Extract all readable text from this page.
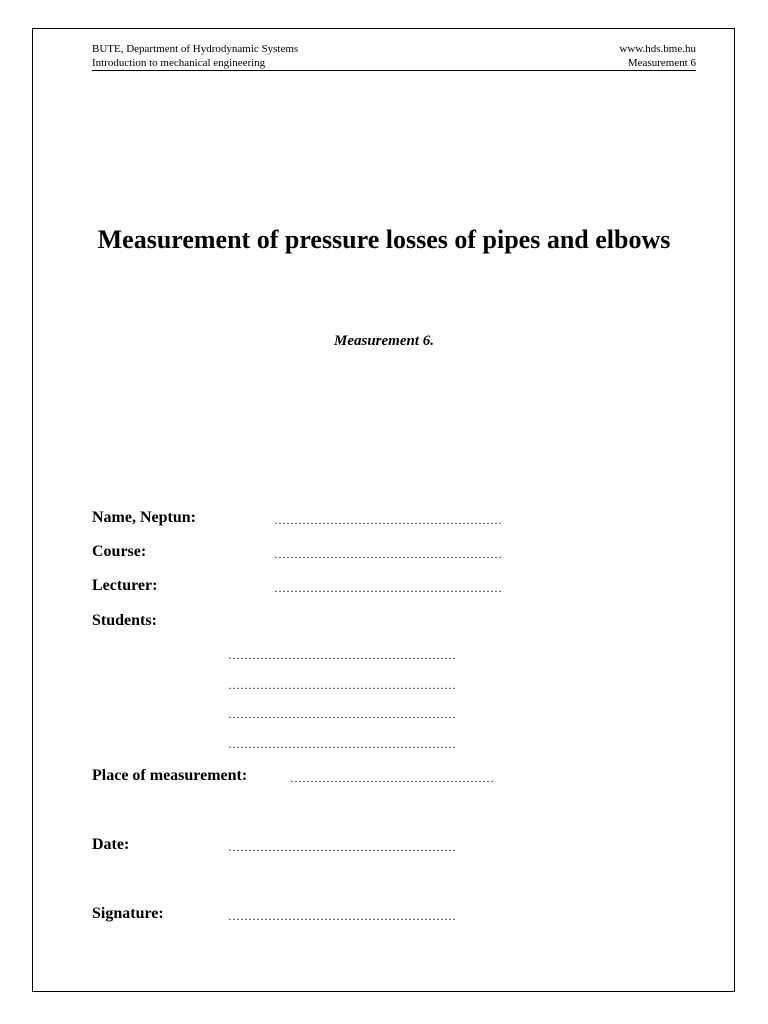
BUTE, Department of Hydrodynamic Systems	www.hds.bme.hu
Introduction to mechanical engineering	Measurement 6
Measurement of pressure losses of pipes and elbows
Measurement 6.
Name, Neptun:	…………………………………………………
Course:	…………………………………………………
Lecturer:	…………………………………………………
Students:
…………………………………………………
…………………………………………………
…………………………………………………
…………………………………………………
Place of measurement:	……………………………………………
Date:	…………………………………………………
Signature:	…………………………………………………
